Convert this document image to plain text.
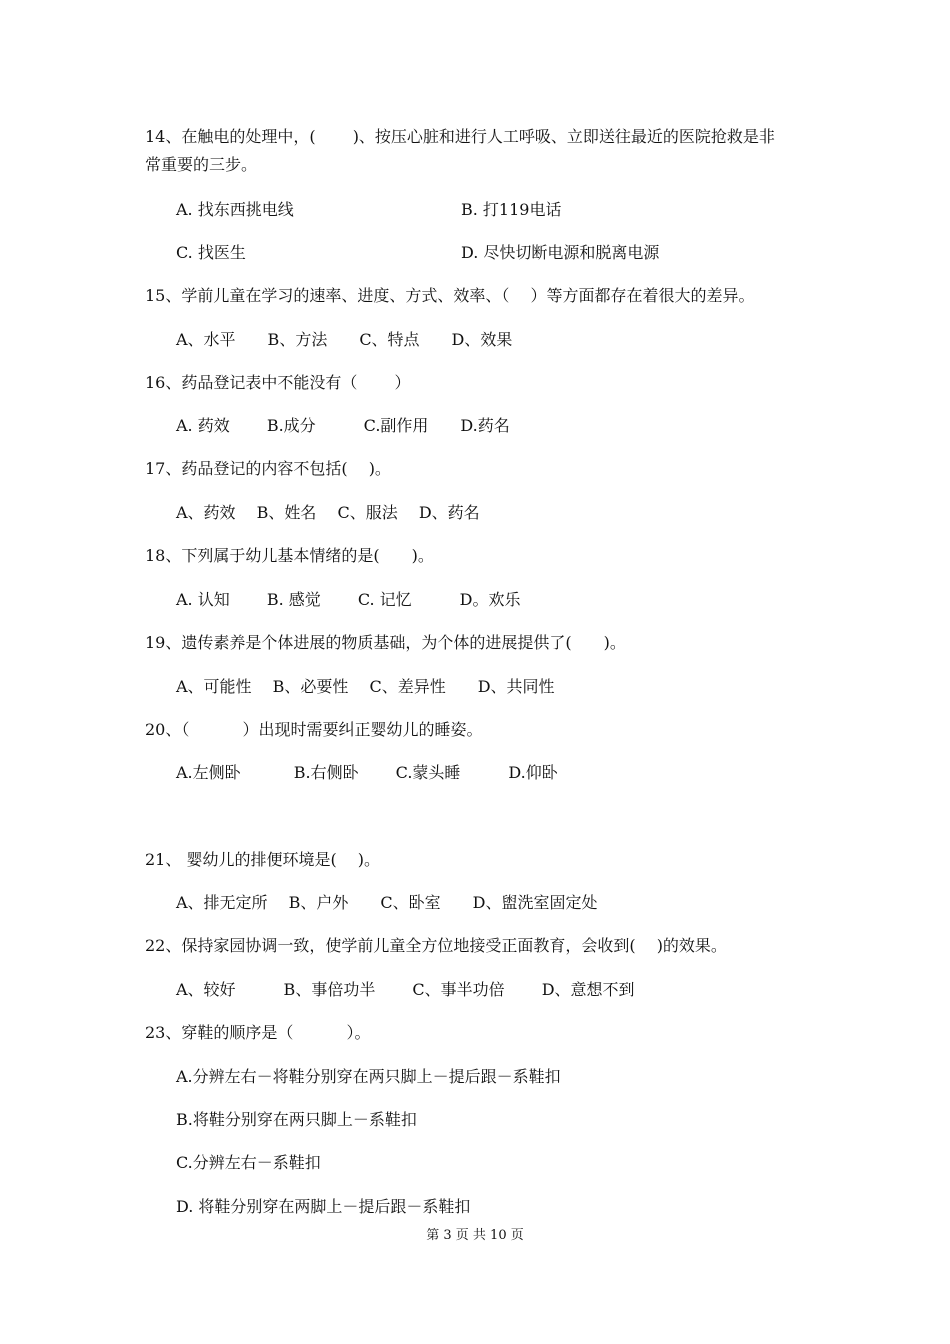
14、在触电的处理中，(　　 )、按压心脏和进行人工呼吸、立即送往最近的医院抢救是非
常重要的三步。
A. 找东西挑电线	B. 打119电话
C. 找医生	D. 尽快切断电源和脱离电源
15、学前儿童在学习的速率、进度、方式、效率、（　 ）等方面都存在着很大的差异。
A、水平　　B、方法　　C、特点　　D、效果
16、药品登记表中不能没有（　　 ）
A. 药效　　 B.成分　　　C.副作用　　D.药名
17、药品登记的内容不包括(　 )。
A、药效　 B、姓名　 C、服法　 D、药名
18、下列属于幼儿基本情绪的是(　　)。
A. 认知　　 B. 感觉　　 C. 记忆　　　D。欢乐
19、遗传素养是个体进展的物质基础，为个体的进展提供了(　　)。
A、可能性　 B、必要性　 C、差异性　　D、共同性
20、（　　　 ）出现时需要纠正婴幼儿的睡姿。
A.左侧卧　　　 B.右侧卧　　 C.蒙头睡　　　D.仰卧
21、 婴幼儿的排便环境是(　 )。
A、排无定所　 B、户外　　C、卧室　　D、盥洗室固定处
22、保持家园协调一致，使学前儿童全方位地接受正面教育，会收到(　 )的效果。
A、较好　　　B、事倍功半　　 C、事半功倍　　 D、意想不到
23、穿鞋的顺序是（　　　 ）。
A.分辨左右－将鞋分别穿在两只脚上－提后跟－系鞋扣
B.将鞋分别穿在两只脚上－系鞋扣
C.分辨左右－系鞋扣
D. 将鞋分别穿在两脚上－提后跟－系鞋扣
第 3 页 共 10 页
